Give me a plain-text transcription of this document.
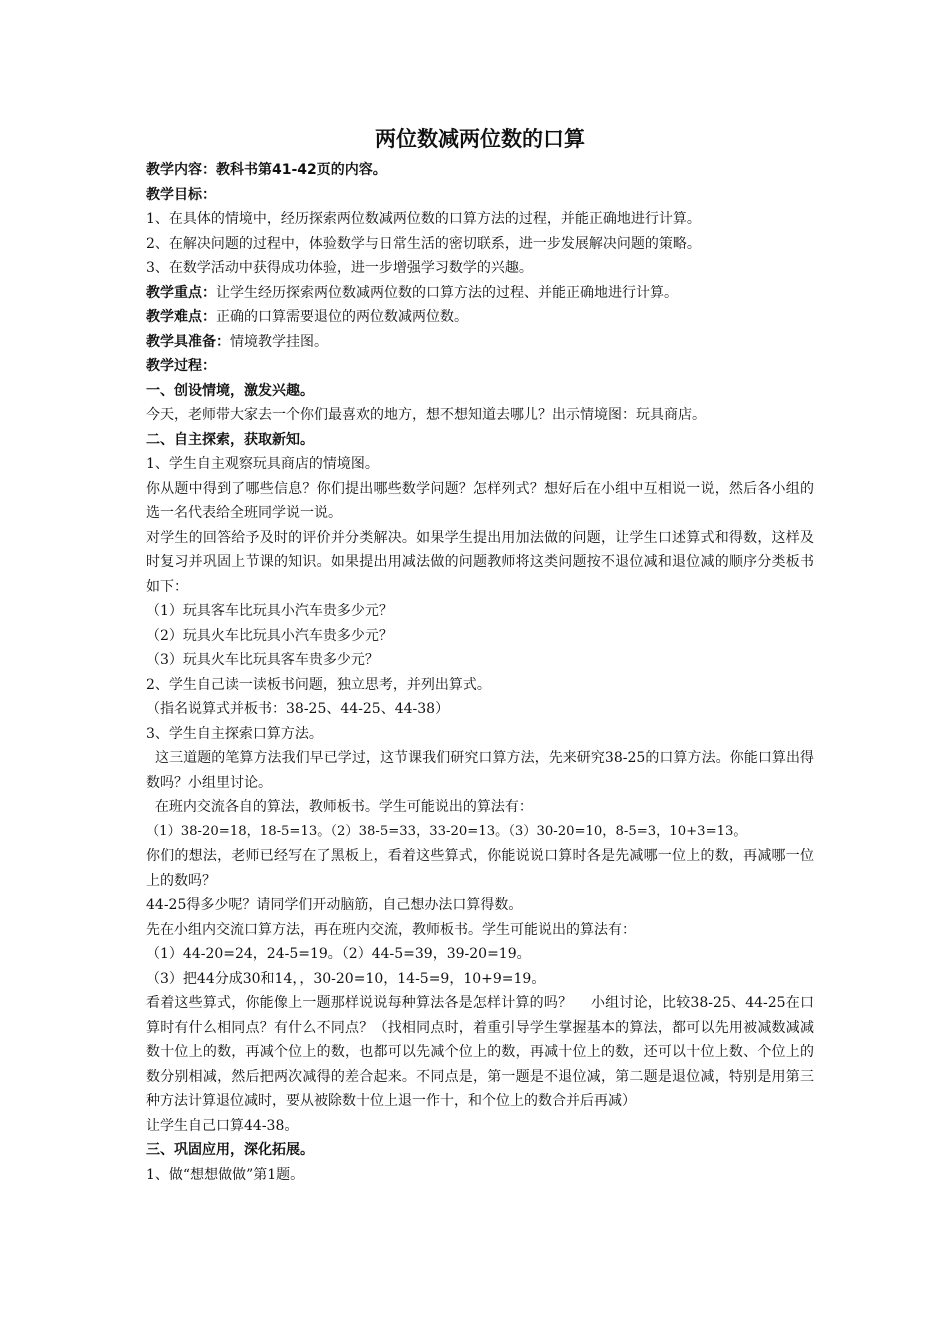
两位数减两位数的口算
教学内容：教科书第41-42页的内容。
教学目标：
1、在具体的情境中，经历探索两位数减两位数的口算方法的过程，并能正确地进行计算。
2、在解决问题的过程中，体验数学与日常生活的密切联系，进一步发展解决问题的策略。
3、在数学活动中获得成功体验，进一步增强学习数学的兴趣。
教学重点：让学生经历探索两位数减两位数的口算方法的过程、并能正确地进行计算。
教学难点：正确的口算需要退位的两位数减两位数。
教学具准备：情境教学挂图。
教学过程：
一、创设情境，激发兴趣。
今天，老师带大家去一个你们最喜欢的地方，想不想知道去哪儿？出示情境图：玩具商店。
二、自主探索，获取新知。
1、学生自主观察玩具商店的情境图。
你从题中得到了哪些信息？你们提出哪些数学问题？怎样列式？想好后在小组中互相说一说，然后各小组的选一名代表给全班同学说一说。
对学生的回答给予及时的评价并分类解决。如果学生提出用加法做的问题，让学生口述算式和得数，这样及时复习并巩固上节课的知识。如果提出用减法做的问题教师将这类问题按不退位减和退位减的顺序分类板书如下：
（1）玩具客车比玩具小汽车贵多少元？
（2）玩具火车比玩具小汽车贵多少元？
（3）玩具火车比玩具客车贵多少元？
2、学生自己读一读板书问题，独立思考，并列出算式。
（指名说算式并板书：38-25、44-25、44-38）
3、学生自主探索口算方法。
这三道题的笔算方法我们早已学过，这节课我们研究口算方法，先来研究38-25的口算方法。你能口算出得数吗？小组里讨论。
在班内交流各自的算法，教师板书。学生可能说出的算法有：
（1）38-20=18，18-5=13。（2）38-5=33，33-20=13。（3）30-20=10，8-5=3，10+3=13。
你们的想法，老师已经写在了黑板上，看着这些算式，你能说说口算时各是先减哪一位上的数，再减哪一位上的数吗？
44-25得多少呢？请同学们开动脑筋，自己想办法口算得数。
先在小组内交流口算方法，再在班内交流，教师板书。学生可能说出的算法有：
（1）44-20=24，24-5=19。（2）44-5=39，39-20=19。
（3）把44分成30和14，，30-20=10，14-5=9，10+9=19。
看着这些算式，你能像上一题那样说说每种算法各是怎样计算的吗？    小组讨论，比较38-25、44-25在口算时有什么相同点？有什么不同点？（找相同点时，着重引导学生掌握基本的算法，都可以先用被减数减减数十位上的数，再减个位上的数，也都可以先减个位上的数，再减十位上的数，还可以十位上数、个位上的数分别相减，然后把两次减得的差合起来。不同点是，第一题是不退位减，第二题是退位减，特别是用第三种方法计算退位减时，要从被除数十位上退一作十，和个位上的数合并后再减）
让学生自己口算44-38。
三、巩固应用，深化拓展。
1、做“想想做做”第1题。
